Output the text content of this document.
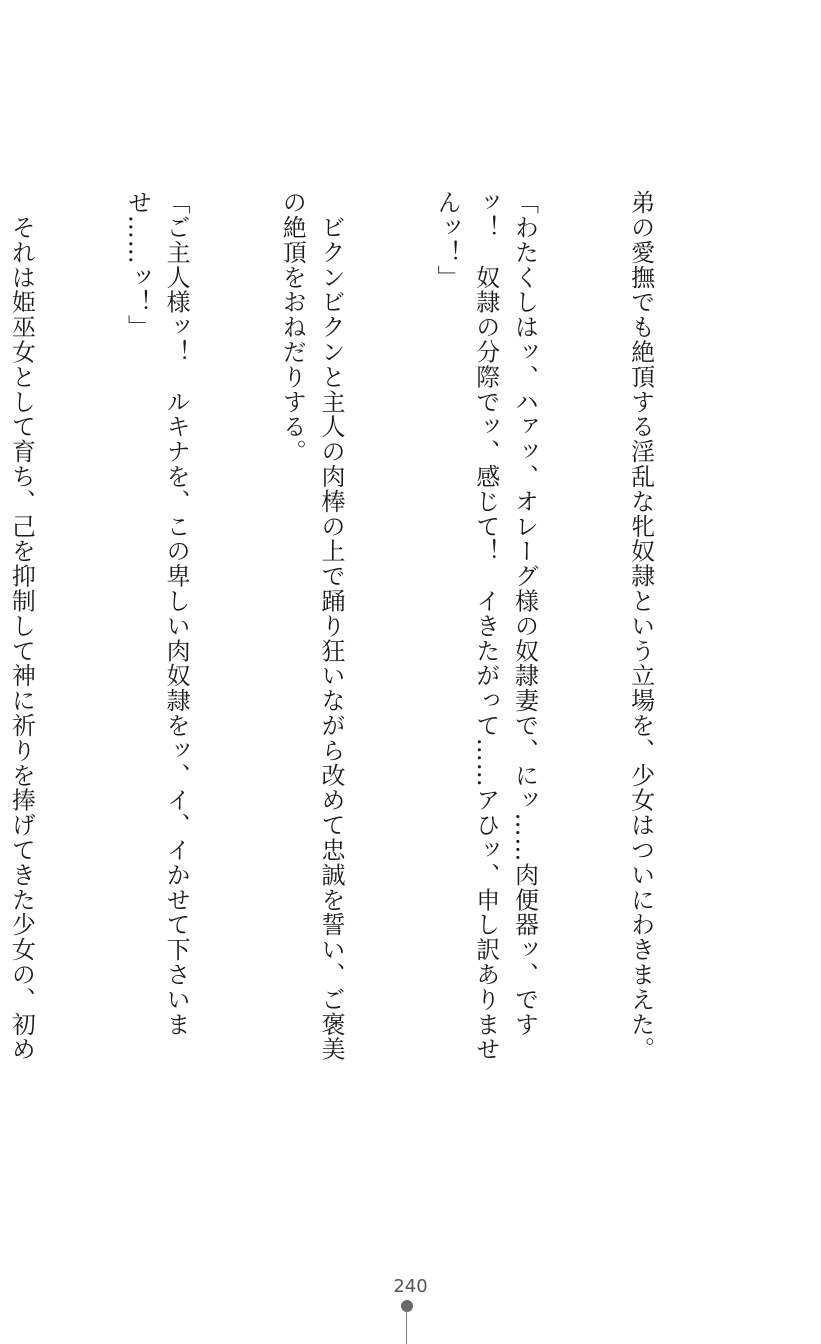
弟の愛撫でも絶頂する淫乱な牝奴隷という立場を、少女はついにわきまえた。

「わたくしはッ、ハァッ、オレーグ様の奴隷妻で、にッ……肉便器ッ、ですッ！　奴隷の分際でッ、感じて！　イきたがって……アひッ、申し訳ありませんッ！」

　ビクンビクンと主人の肉棒の上で踊り狂いながら改めて忠誠を誓い、ご褒美の絶頂をおねだりする。

「ご主人様ッ！　ルキナを、この卑しい肉奴隷をッ、イ、イかせて下さいませ……ッ！」

　それは姫巫女として育ち、己を抑制して神に祈りを捧げてきた少女の、初め

240
